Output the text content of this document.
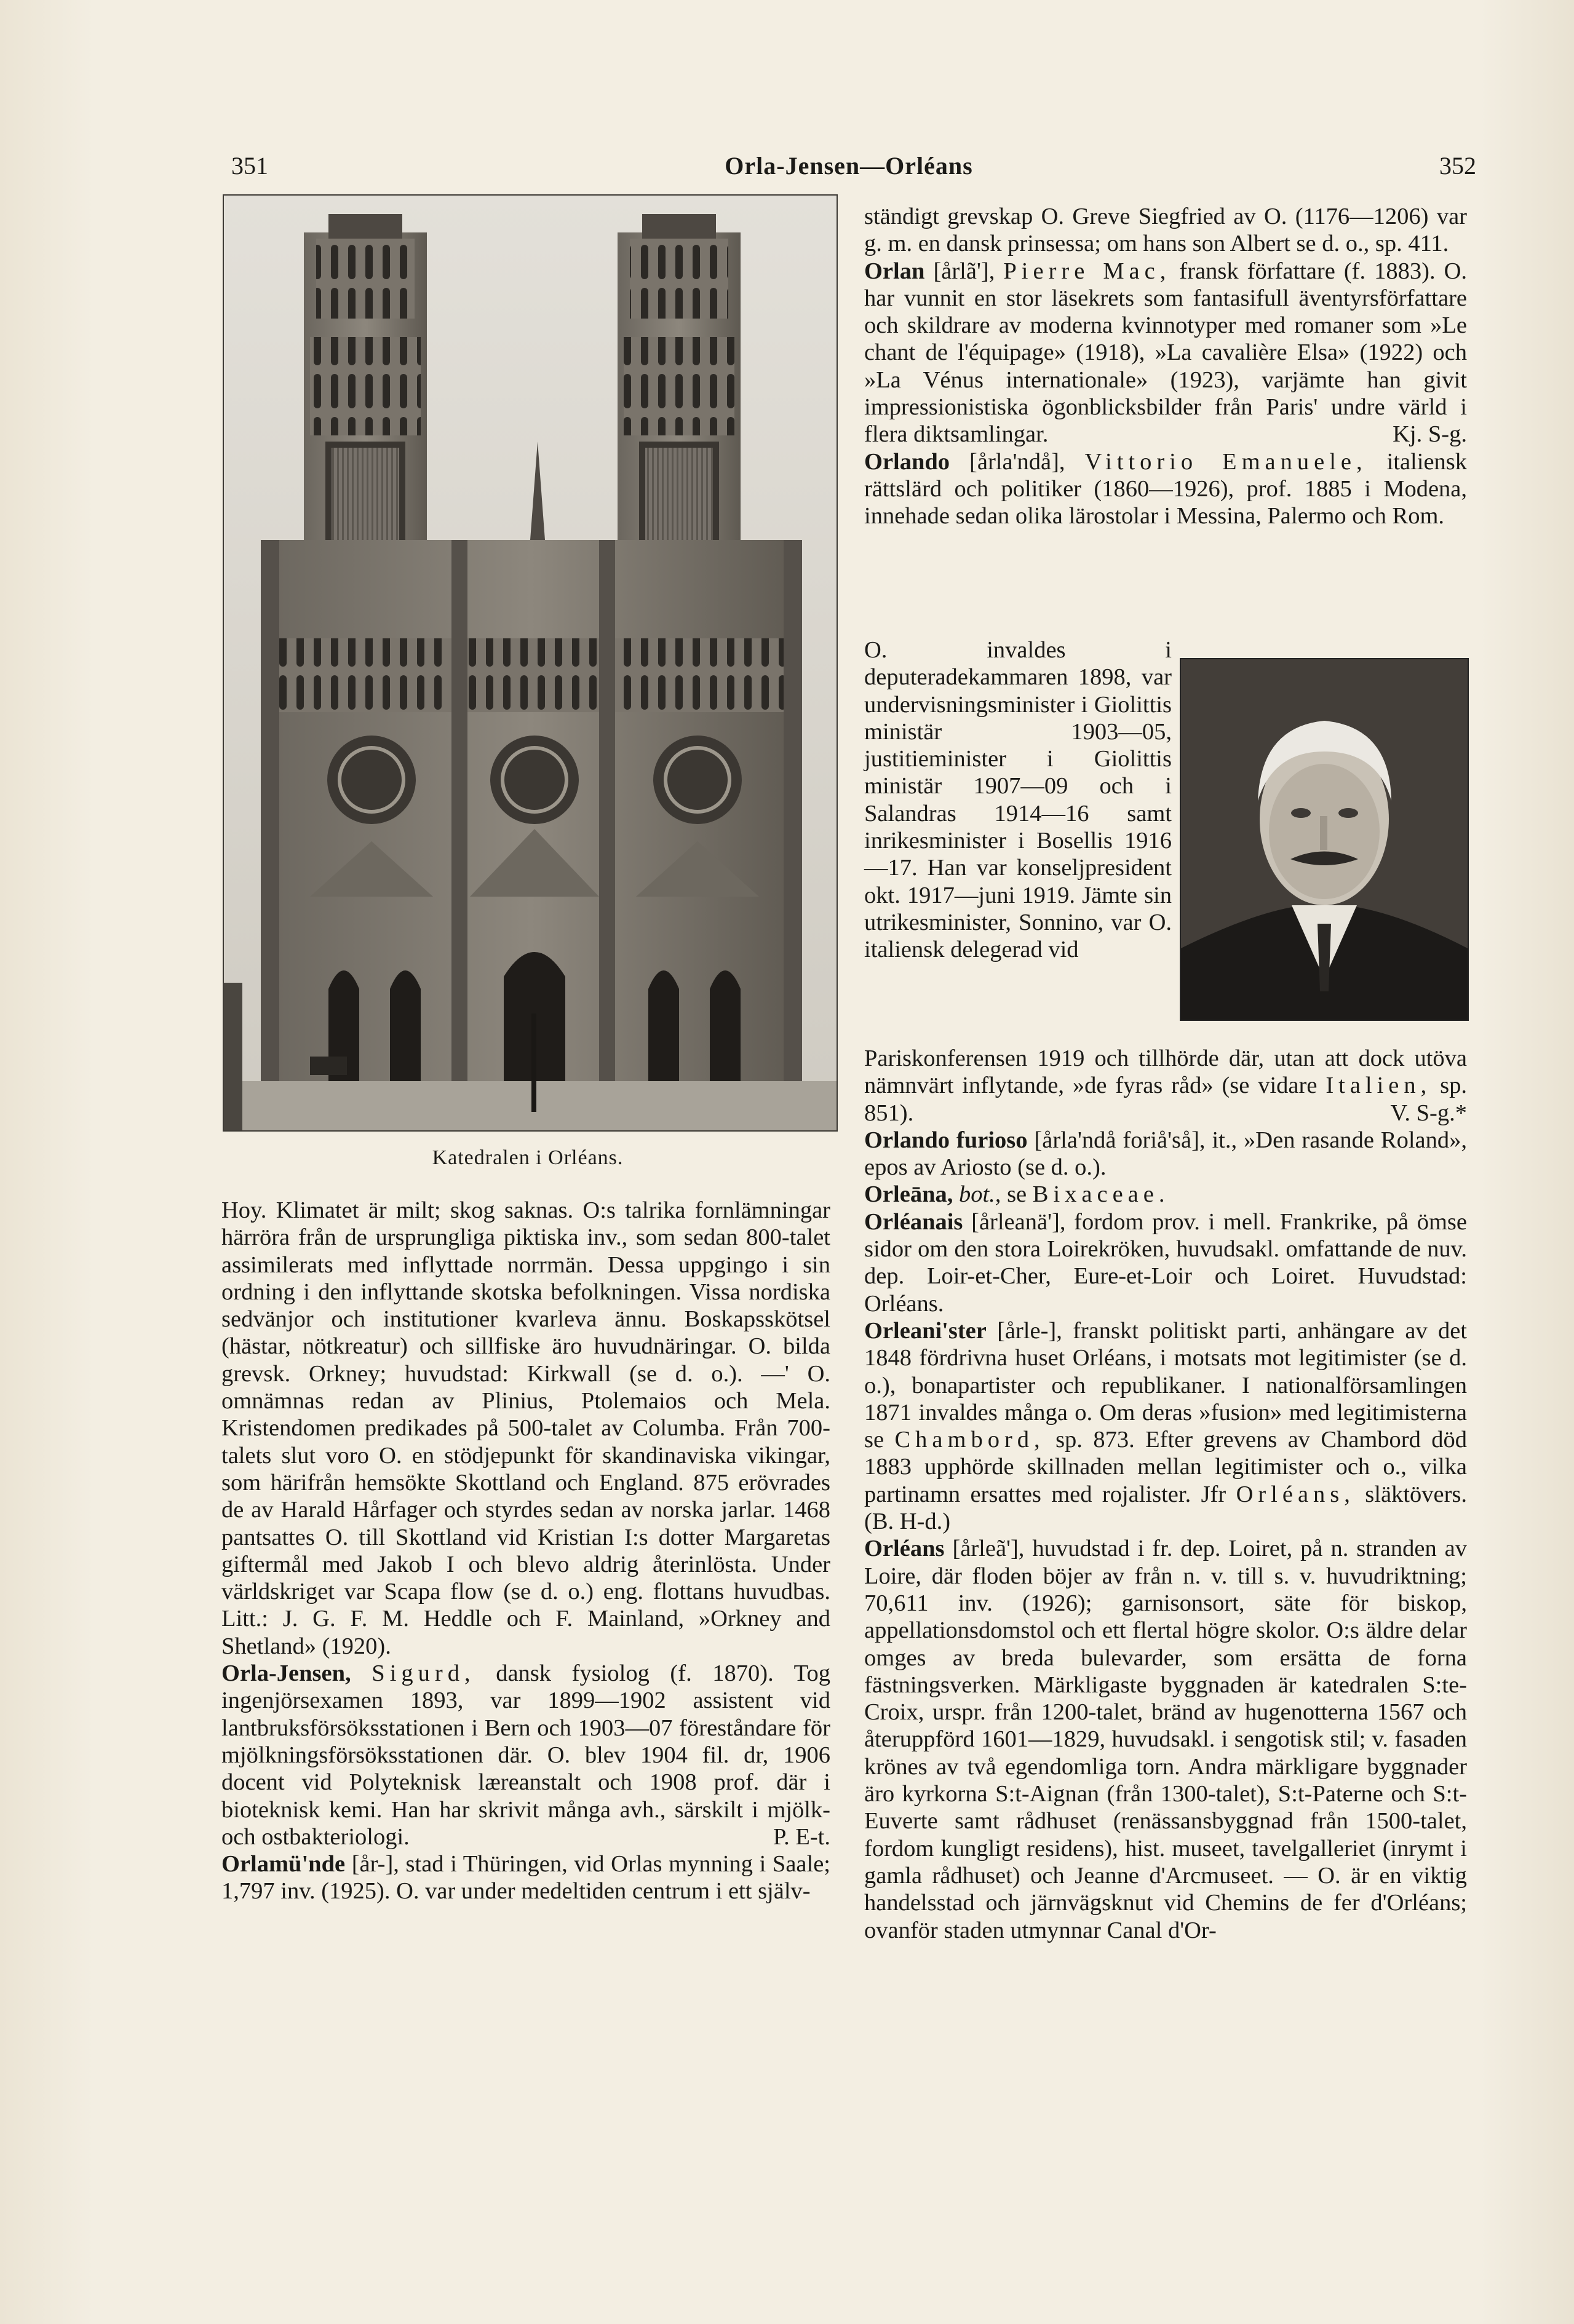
351	Orla-Jensen—Orléans	352
Katedralen i Orléans.

Hoy. Klimatet är milt; skog saknas. O:s talrika fornlämningar härröra från de ursprungliga piktiska inv., som sedan 800-talet assimilerats med inflyttade norrmän. Dessa uppgingo i sin ordning i den inflyttande skotska befolkningen. Vissa nordiska sedvänjor och institutioner kvarleva ännu. Boskapsskötsel (hästar, nötkreatur) och sillfiske äro huvudnäringar. O. bilda grevsk. Orkney; huvudstad: Kirkwall (se d. o.). —' O. omnämnas redan av Plinius, Ptolemaios och Mela. Kristendomen predikades på 500-talet av Columba. Från 700-talets slut voro O. en stödjepunkt för skandinaviska vikingar, som härifrån hemsökte Skottland och England. 875 erövrades de av Harald Hårfager och styrdes sedan av norska jarlar. 1468 pantsattes O. till Skottland vid Kristian I:s dotter Margaretas giftermål med Jakob I och blevo aldrig återinlösta. Under världskriget var Scapa flow (se d. o.) eng. flottans huvudbas. Litt.: J. G. F. M. Heddle och F. Mainland, »Orkney and Shetland» (1920).

Orla-Jensen, Sigurd, dansk fysiolog (f. 1870). Tog ingenjörsexamen 1893, var 1899—1902 assistent vid lantbruksförsöksstationen i Bern och 1903—07 föreståndare för mjölkningsförsöksstationen där. O. blev 1904 fil. dr, 1906 docent vid Polyteknisk læreanstalt och 1908 prof. där i bioteknisk kemi. Han har skrivit många avh., särskilt i mjölk- och ostbakteriologi.	P. E-t.

Orlamü'nde [år-], stad i Thüringen, vid Orlas mynning i Saale; 1,797 inv. (1925). O. var under medeltiden centrum i ett själv-

ständigt grevskap O. Greve Siegfried av O. (1176—1206) var g. m. en dansk prinsessa; om hans son Albert se d. o., sp. 411.

Orlan [årlã'], Pierre Mac, fransk författare (f. 1883). O. har vunnit en stor läsekrets som fantasifull äventyrsförfattare och skildrare av moderna kvinnotyper med romaner som »Le chant de l'équipage» (1918), »La cavalière Elsa» (1922) och »La Vénus internationale» (1923), varjämte han givit impressionistiska ögonblicksbilder från Paris' undre värld i flera diktsamlingar.	Kj. S-g.

Orlando [årla'ndå], Vittorio Emanuele, italiensk rättslärd och politiker (1860—1926), prof. 1885 i Modena, innehade sedan olika lärostolar i Messina, Palermo och Rom.

O. invaldes i deputeradekammaren 1898, var undervisningsminister i Giolittis ministär 1903—05, justitieminister i Giolittis ministär 1907—09 och i Salandras 1914—16 samt inrikesminister i Bosellis 1916—17. Han var konseljpresident okt. 1917—juni 1919. Jämte sin utrikesminister, Sonnino, var O. italiensk delegerad vid

Pariskonferensen 1919 och tillhörde där, utan att dock utöva nämnvärt inflytande, »de fyras råd» (se vidare Italien, sp. 851).	V. S-g.*

Orlando furioso [årla'ndå foriå'så], it., »Den rasande Roland», epos av Ariosto (se d. o.).

Orleāna, bot., se Bixaceae.

Orléanais [årleanä'], fordom prov. i mell. Frankrike, på ömse sidor om den stora Loirekröken, huvudsakl. omfattande de nuv. dep. Loir-et-Cher, Eure-et-Loir och Loiret. Huvudstad: Orléans.

Orleani'ster [årle-], franskt politiskt parti, anhängare av det 1848 fördrivna huset Orléans, i motsats mot legitimister (se d. o.), bonapartister och republikaner. I nationalförsamlingen 1871 invaldes många o. Om deras »fusion» med legitimisterna se Chambord, sp. 873. Efter grevens av Chambord död 1883 upphörde skillnaden mellan legitimister och o., vilka partinamn ersattes med rojalister. Jfr Orléans, släktövers. (B. H-d.)

Orléans [årleã'], huvudstad i fr. dep. Loiret, på n. stranden av Loire, där floden böjer av från n. v. till s. v. huvudriktning; 70,611 inv. (1926); garnisonsort, säte för biskop, appellationsdomstol och ett flertal högre skolor. O:s äldre delar omges av breda bulevarder, som ersätta de forna fästningsverken. Märkligaste byggnaden är katedralen S:te-Croix, urspr. från 1200-talet, bränd av hugenotterna 1567 och återuppförd 1601—1829, huvudsakl. i sengotisk stil; v. fasaden krönes av två egendomliga torn. Andra märkligare byggnader äro kyrkorna S:t-Aignan (från 1300-talet), S:t-Paterne och S:t-Euverte samt rådhuset (renässansbyggnad från 1500-talet, fordom kungligt residens), hist. museet, tavelgalleriet (inrymt i gamla rådhuset) och Jeanne d'Arcmuseet. — O. är en viktig handelsstad och järnvägsknut vid Chemins de fer d'Orléans; ovanför staden utmynnar Canal d'Or-
